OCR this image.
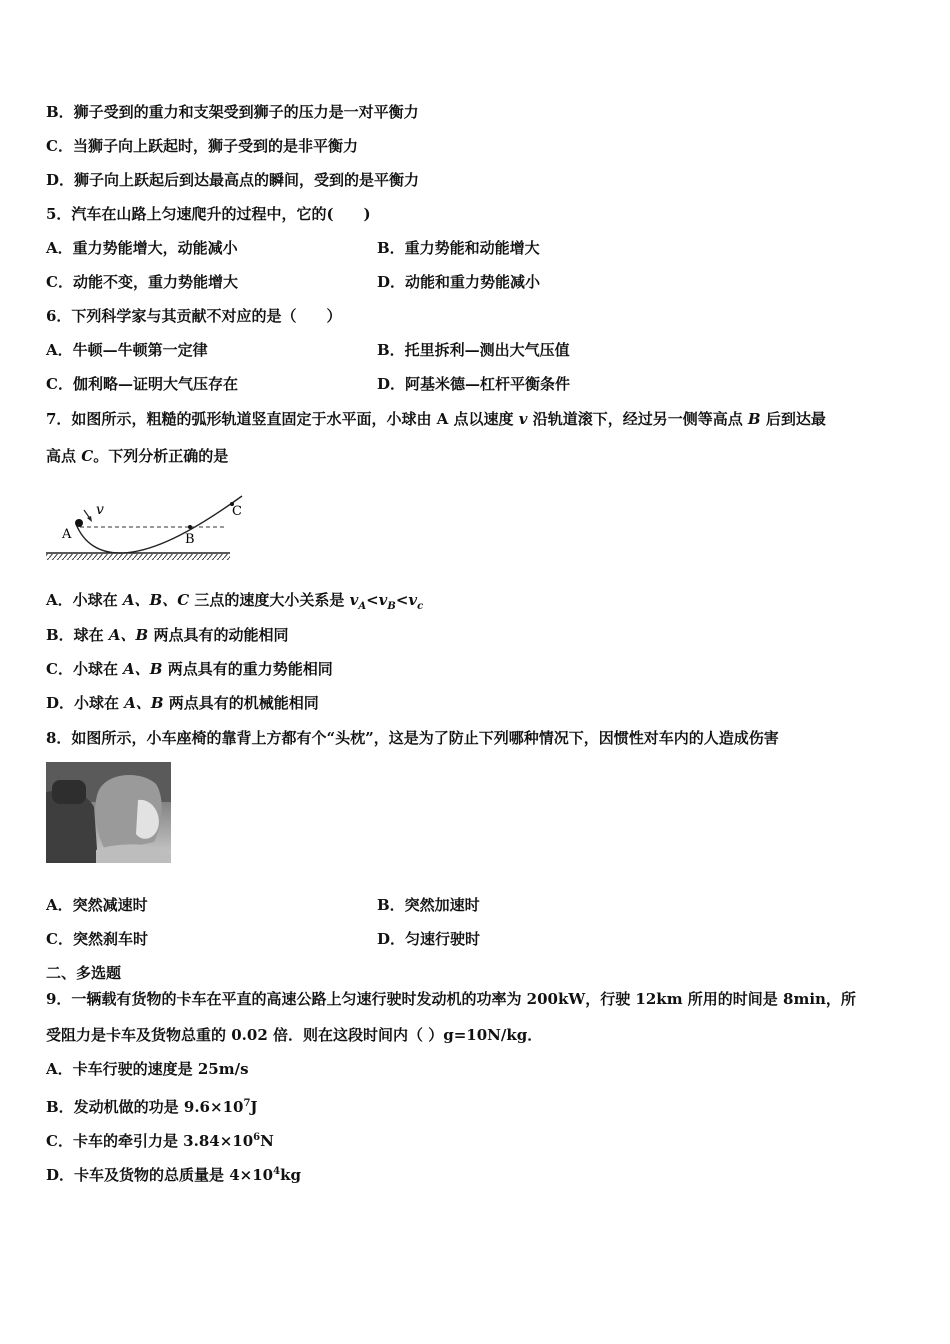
B．狮子受到的重力和支架受到狮子的压力是一对平衡力
C．当狮子向上跃起时，狮子受到的是非平衡力
D．狮子向上跃起后到达最高点的瞬间，受到的是平衡力
5．汽车在山路上匀速爬升的过程中，它的(　　)
A．重力势能增大，动能减小	B．重力势能和动能增大
C．动能不变，重力势能增大	D．动能和重力势能减小
6．下列科学家与其贡献不对应的是（　　）
A．牛顿—牛顿第一定律	B．托里拆利—测出大气压值
C．伽利略—证明大气压存在	D．阿基米德—杠杆平衡条件
7．如图所示，粗糙的弧形轨道竖直固定于水平面，小球由 A 点以速度 v 沿轨道滚下，经过另一侧等高点 B 后到达最
高点 C。下列分析正确的是
A
v
B
C
A．小球在 A、B、C 三点的速度大小关系是 $v_A<v_B<v_c$
B．球在 A、B 两点具有的动能相同
C．小球在 A、B 两点具有的重力势能相同
D．小球在 A、B 两点具有的机械能相同
8．如图所示，小车座椅的靠背上方都有个“头枕”，这是为了防止下列哪种情况下，因惯性对车内的人造成伤害
A．突然减速时	B．突然加速时
C．突然刹车时	D．匀速行驶时
二、多选题
9．一辆载有货物的卡车在平直的高速公路上匀速行驶时发动机的功率为 200kW，行驶 12km 所用的时间是 8min，所
受阻力是卡车及货物总重的 0.02 倍．则在这段时间内（ ）g=10N/kg．
A．卡车行驶的速度是 25m/s
B．发动机做的功是 $9.6\times 10^7J$
C．卡车的牵引力是 $3.84\times 10^6N$
D．卡车及货物的总质量是 $4\times 10^4kg$
